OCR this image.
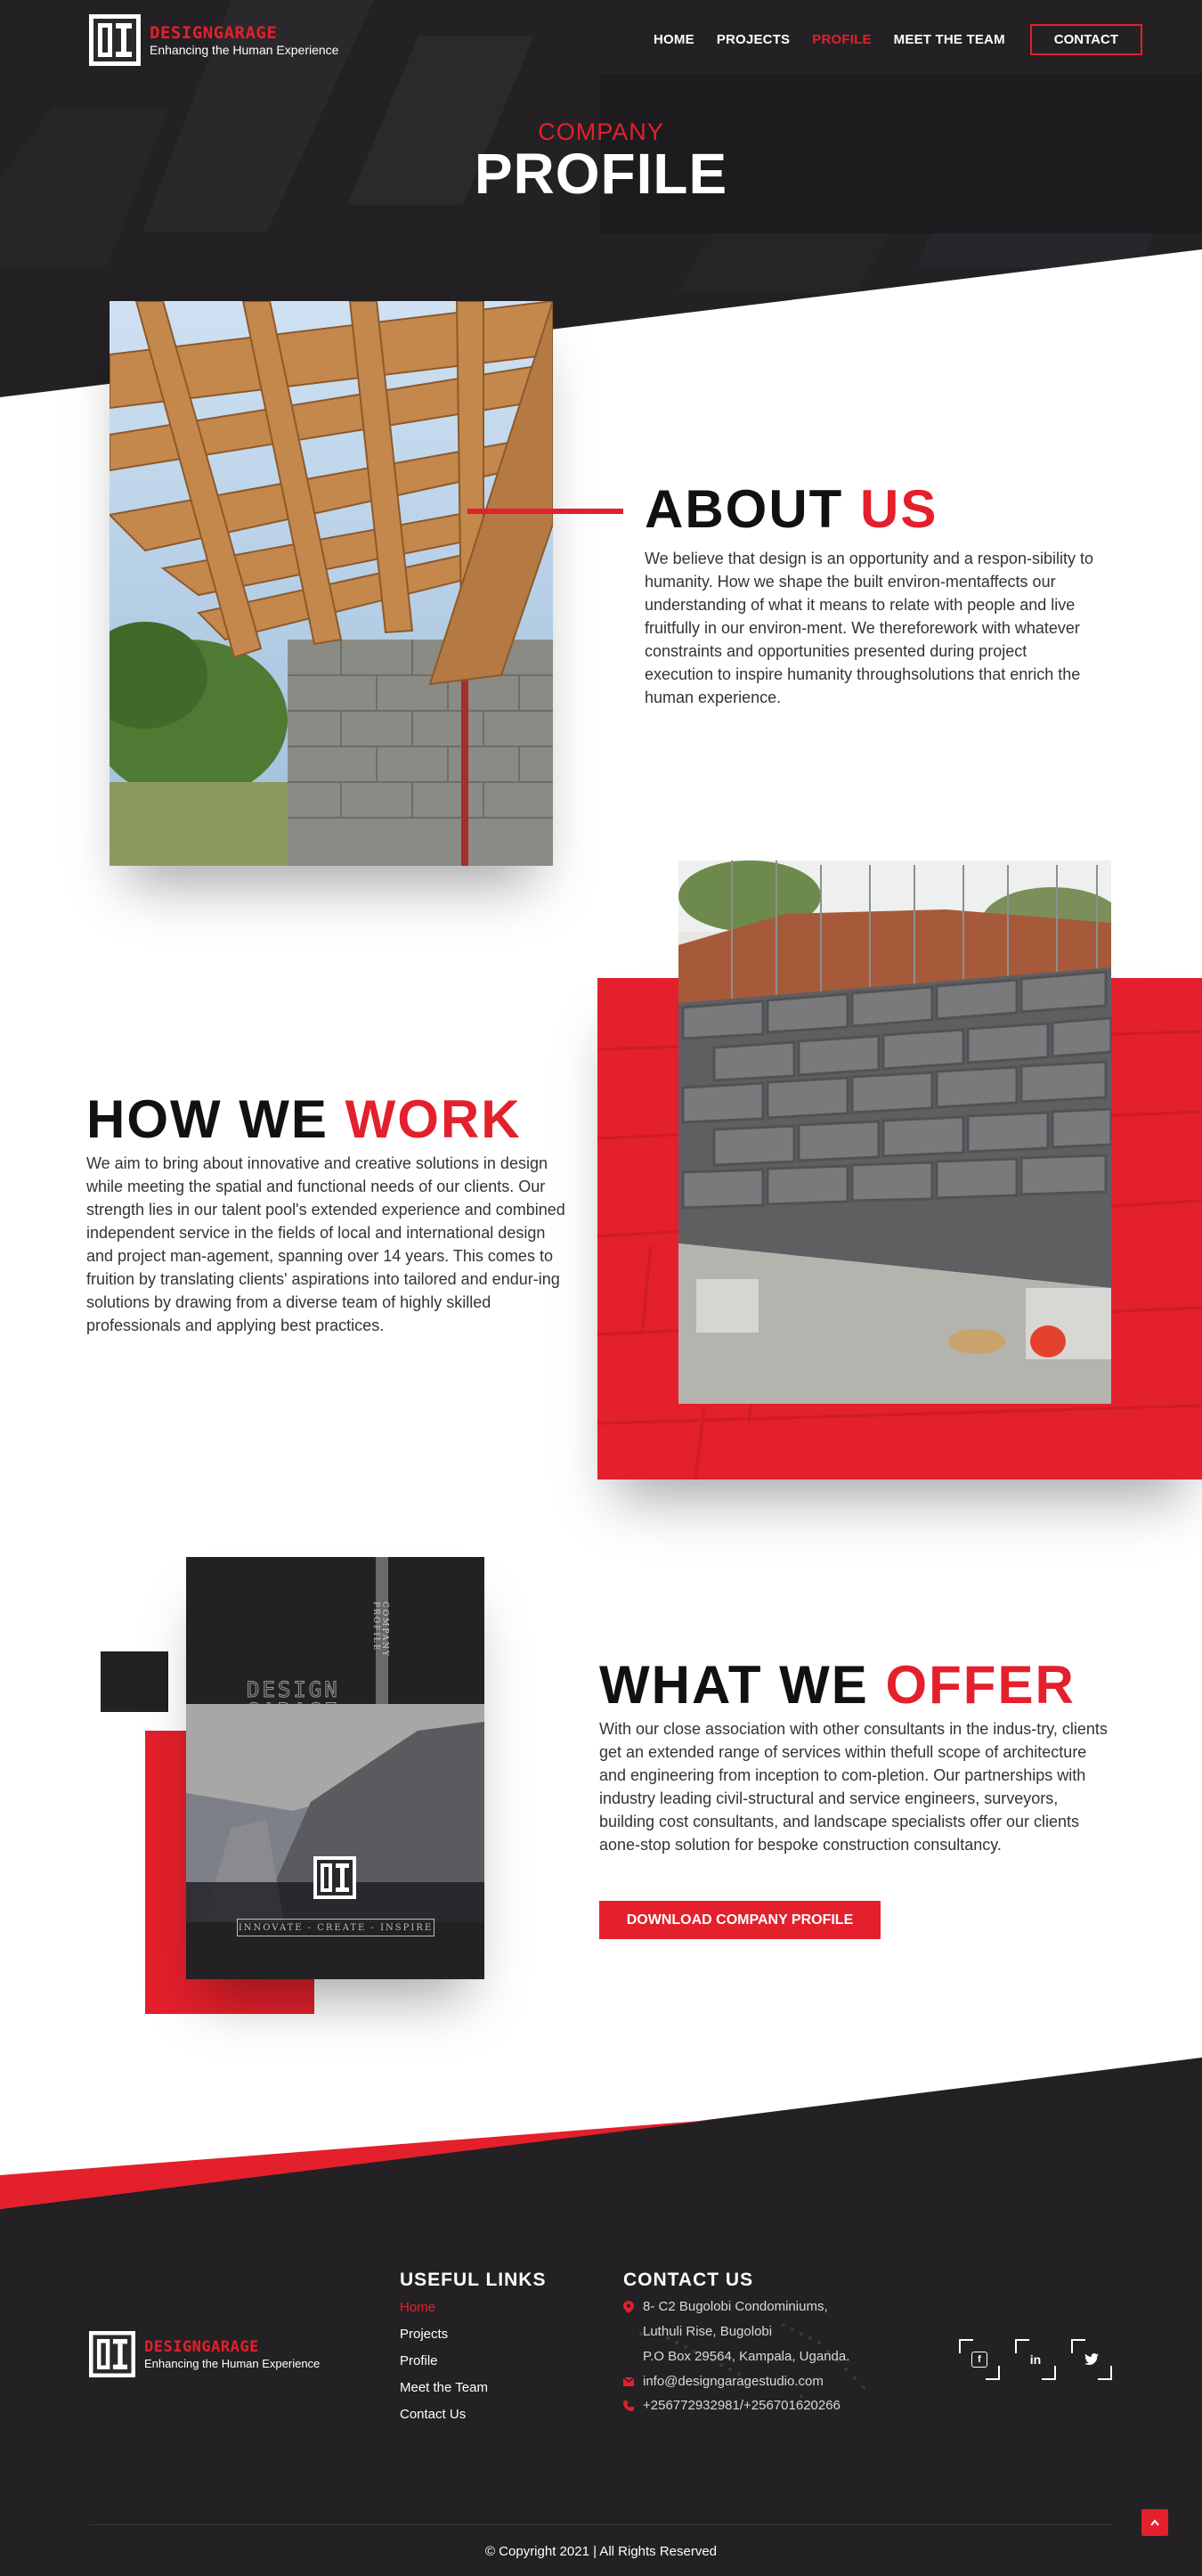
DESIGNGARAGE
Enhancing the Human Experience
HOME PROJECTS PROFILE MEET THE TEAM	CONTACT
COMPANY
PROFILE
ABOUT US
We believe that design is an opportunity and a respon-sibility to humanity. How we shape the built environ-mentaffects our understanding of what it means to relate with people and live fruitfully in our environ-ment. We thereforework with whatever constraints and opportunities presented during project execution to inspire humanity throughsolutions that enrich the human experience.
HOW WE WORK
We aim to bring about innovative and creative solutions in design while meeting the spatial and functional needs of our clients. Our strength lies in our talent pool's extended experience and combined independent service in the fields of local and international design and project man-agement, spanning over 14 years. This comes to fruition by translating clients' aspirations into tailored and endur-ing solutions by drawing from a diverse team of highly skilled professionals and applying best practices.
COMPANY PROFILE
DESIGN
INNOVATE - CREATE - INSPIRE
WHAT WE OFFER
With our close association with other consultants in the indus-try, clients get an extended range of services within thefull scope of architecture and engineering from inception to com-pletion. Our partnerships with industry leading civil-structural and service engineers, surveyors, building cost consultants, and landscape specialists offer our clients aone-stop solution for bespoke construction consultancy.
DOWNLOAD COMPANY PROFILE
DESIGNGARAGE
Enhancing the Human Experience
USEFUL LINKS
Home
Projects
Profile
Meet the Team
Contact Us
CONTACT US
8- C2 Bugolobi Condominiums,
Luthuli Rise, Bugolobi
P.O Box 29564, Kampala, Uganda.
info@designgaragestudio.com
+256772932981/+256701620266
f	in
© Copyright 2021 | All Rights Reserved
